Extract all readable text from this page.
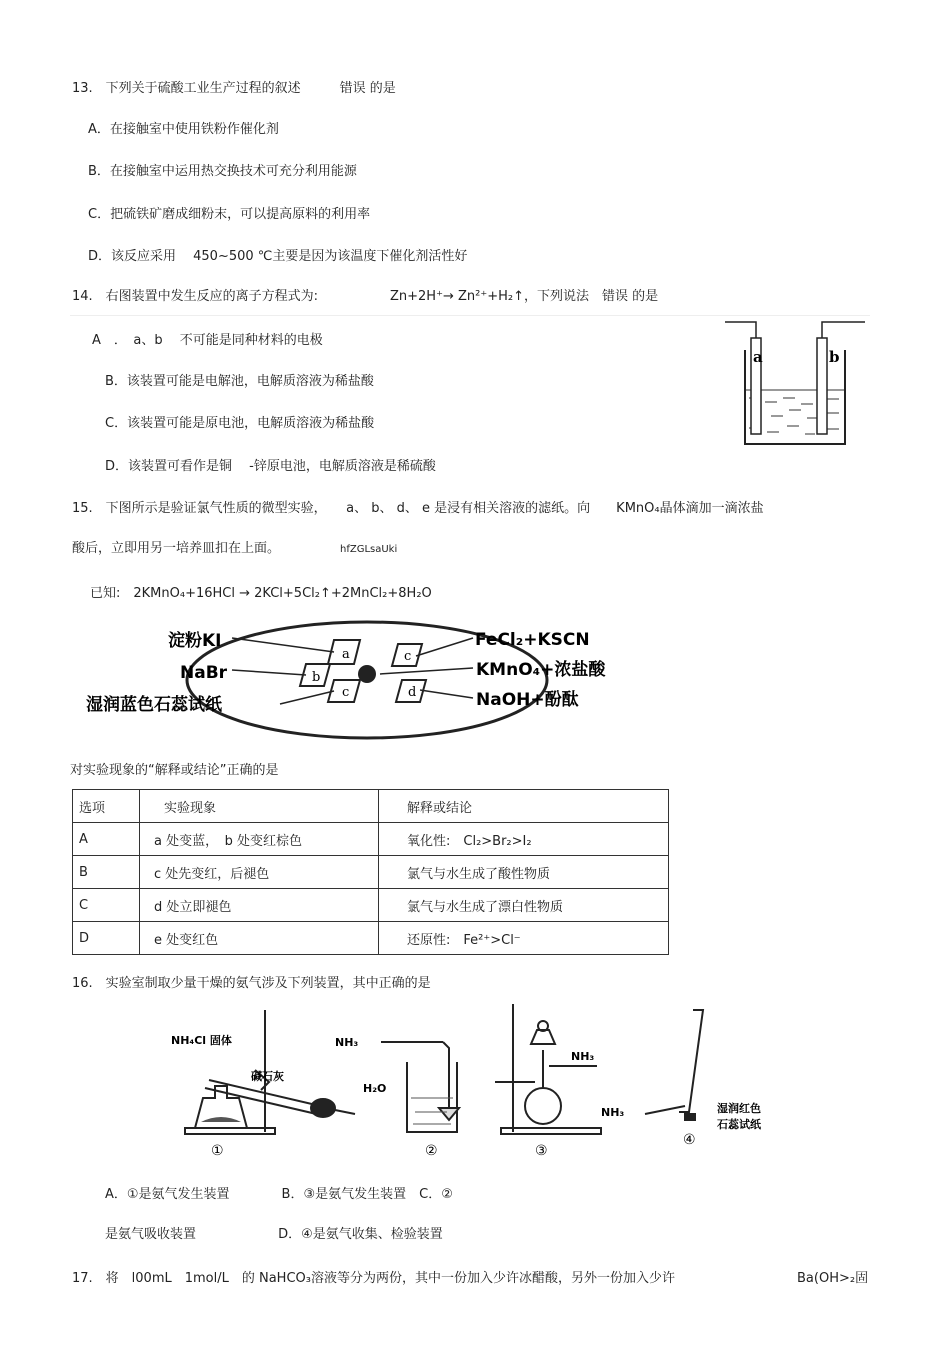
13.　下列关于硫酸工业生产过程的叙述　　　错误 的是
A．在接触室中使用铁粉作催化剂
B．在接触室中运用热交换技术可充分利用能源
C．把硫铁矿磨成细粉末，可以提高原料的利用率
D．该反应采用　 450~500 ℃主要是因为该温度下催化剂活性好
14.　右图装置中发生反应的离子方程式为:	Zn+2H⁺→ Zn²⁺+H₂↑，下列说法　错误 的是
A　．　a、b　 不可能是同种材料的电极
B．该装置可能是电解池，电解质溶液为稀盐酸
C．该装置可能是原电池，电解质溶液为稀盐酸
D．该装置可看作是铜　 -锌原电池，电解质溶液是稀硫酸
a	b
15.　下图所示是验证氯气性质的微型实验，　　a、 b、 d、 e 是浸有相关溶液的滤纸。向　　KMnO₄晶体滴加一滴浓盐
酸后，立即用另一培养皿扣在上面。	hfZGLsaUki
已知:　2KMnO₄+16HCl → 2KCl+5Cl₂↑+2MnCl₂+8H₂O
a
b
c
c
d
淀粉KI
NaBr
湿润蓝色石蕊试纸
FeCl₂+KSCN
KMnO₄+浓盐酸
NaOH+酚酞
对实验现象的“解释或结论”正确的是
选项	实验现象	解释或结论
A	a 处变蓝，　b 处变红棕色	氧化性:　Cl₂>Br₂>I₂
B	c 处先变红，后褪色	氯气与水生成了酸性物质
C	d 处立即褪色	氯气与水生成了漂白性物质
D	e 处变红色	还原性:　Fe²⁺>Cl⁻
16.　实验室制取少量干燥的氨气涉及下列装置，其中正确的是
NH₄Cl 固体
碱石灰
①
NH₃
H₂O
②
NH₃
③
NH₃	湿润红色
石蕊试纸
④
A．①是氨气发生装置　　　　B．③是氨气发生装置　C．②
是氨气吸收装置　　　　　　 D．④是氨气收集、检验装置
17.　将　l00mL　1mol/L　的 NaHCO₃溶液等分为两份，其中一份加入少许冰醋酸，另外一份加入少许	Ba(OH>₂固
